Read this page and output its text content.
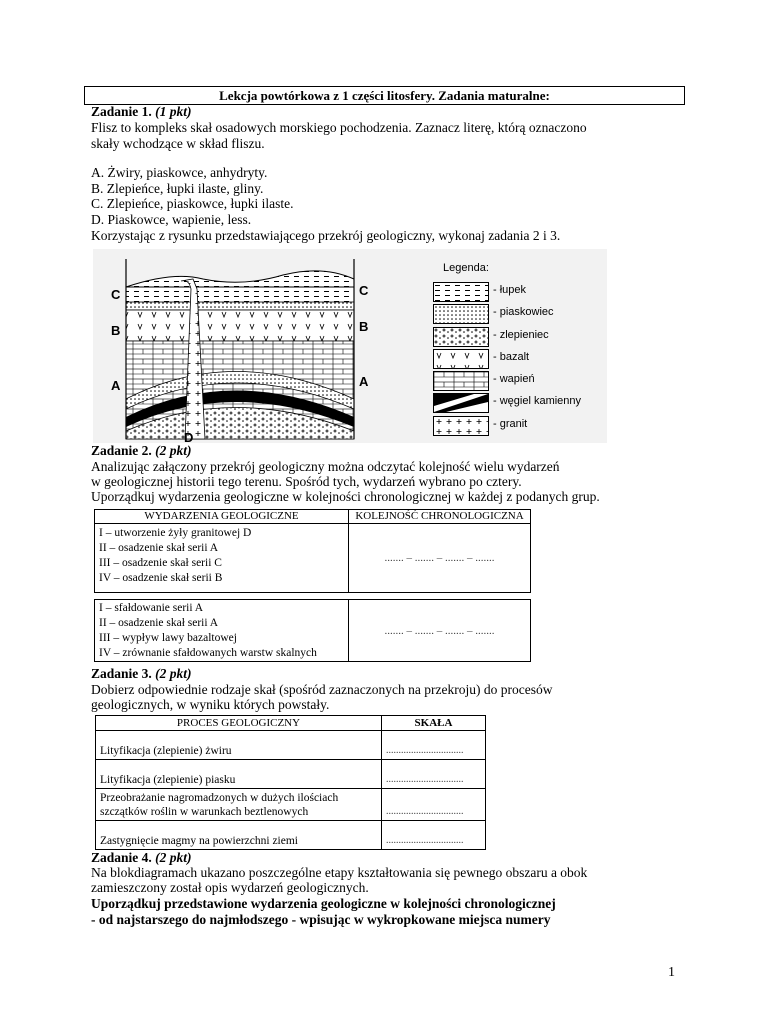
Lekcja powtórkowa z 1 części litosfery. Zadania maturalne:
Zadanie 1. (1 pkt)
Flisz to kompleks skał osadowych morskiego pochodzenia. Zaznacz literę, którą oznaczono
skały wchodzące w skład fliszu.
A. Żwiry, piaskowce, anhydryty.
B. Zlepieńce, łupki ilaste, gliny.
C. Zlepieńce, piaskowce, łupki ilaste.
D. Piaskowce, wapienie, less.
Korzystając z rysunku przedstawiającego przekrój geologiczny, wykonaj zadania 2 i 3.
C
B
A
C
B
A
D
Legenda:
- łupek
- piaskowiec
- zlepieniec
- bazalt
- wapień
- węgiel kamienny
- granit
Zadanie 2. (2 pkt)
Analizując załączony przekrój geologiczny można odczytać kolejność wielu wydarzeń
w geologicznej historii tego terenu. Spośród tych, wydarzeń wybrano po cztery.
Uporządkuj wydarzenia geologiczne w kolejności chronologicznej w każdej z podanych grup.
WYDARZENIA GEOLOGICZNE	KOLEJNOŚĆ CHRONOLOGICZNA

I – utworzenie żyły granitowej D
II – osadzenie skał serii A
III – osadzenie skał serii C
IV – osadzenie skał serii B	....... – ....... – ....... – .......
I – sfałdowanie serii A
II – osadzenie skał serii A
III – wypływ lawy bazaltowej
IV – zrównanie sfałdowanych warstw skalnych
	....... – ....... – ....... – .......
Zadanie 3. (2 pkt)
Dobierz odpowiednie rodzaje skał (spośród zaznaczonych na przekroju) do procesów
geologicznych, w wyniku których powstały.
PROCES GEOLOGICZNY	SKAŁA

Lityfikacja (zlepienie) żwiru	...............................

Lityfikacja (zlepienie) piasku	...............................

Przeobrażanie nagromadzonych w dużych ilościach
szczątków roślin w warunkach beztlenowych	...............................

Zastygnięcie magmy na powierzchni ziemi	...............................
Zadanie 4. (2 pkt)
Na blokdiagramach ukazano poszczególne etapy kształtowania się pewnego obszaru a obok
zamieszczony został opis wydarzeń geologicznych.
Uporządkuj przedstawione wydarzenia geologiczne w kolejności chronologicznej
- od najstarszego do najmłodszego - wpisując w wykropkowane miejsca numery
1
